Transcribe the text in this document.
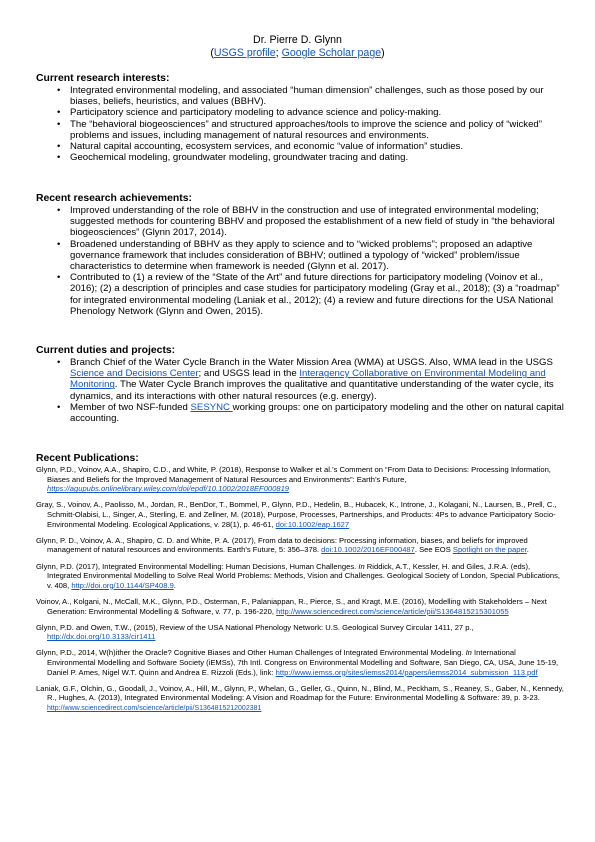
Dr. Pierre D. Glynn
(USGS profile; Google Scholar page)

Current research interests:

• Integrated environmental modeling, and associated “human dimension” challenges, such as those posed by our biases, beliefs, heuristics, and values (BBHV).
• Participatory science and participatory modeling to advance science and policy-making.
• The “behavioral biogeosciences” and structured approaches/tools to improve the science and policy of “wicked” problems and issues, including management of natural resources and environments.
• Natural capital accounting, ecosystem services, and economic “value of information” studies.
• Geochemical modeling, groundwater modeling, groundwater tracing and dating.

Recent research achievements:

• Improved understanding of the role of BBHV in the construction and use of integrated environmental modeling; suggested methods for countering BBHV and proposed the establishment of a new field of study in “the behavioral biogeosciences” (Glynn 2017, 2014).
• Broadened understanding of BBHV as they apply to science and to “wicked problems”; proposed an adaptive governance framework that includes consideration of BBHV; outlined a typology of “wicked” problem/issue characteristics to determine when framework is needed (Glynn et al. 2017).
• Contributed to (1) a review of the “State of the Art” and future directions for participatory modeling (Voinov et al., 2016); (2) a description of principles and case studies for participatory modeling (Gray et al., 2018); (3) a “roadmap” for integrated environmental modeling (Laniak et al., 2012); (4) a review and future directions for the USA National Phenology Network (Glynn and Owen, 2015).

Current duties and projects:

• Branch Chief of the Water Cycle Branch in the Water Mission Area (WMA) at USGS. Also, WMA lead in the USGS Science and Decisions Center; and USGS lead in the Interagency Collaborative on Environmental Modeling and Monitoring. The Water Cycle Branch improves the qualitative and quantitative understanding of the water cycle, its dynamics, and its interactions with other natural resources (e.g. energy).
• Member of two NSF-funded SESYNC working groups: one on participatory modeling and the other on natural capital accounting.

Recent Publications:

Glynn, P.D., Voinov, A.A., Shapiro, C.D., and White, P. (2018), Response to Walker et al.’s Comment on “From Data to Decisions: Processing Information, Biases and Beliefs for the Improved Management of Natural Resources and Environments”: Earth’s Future, https://agupubs.onlinelibrary.wiley.com/doi/epdf/10.1002/2018EF000819

Gray, S., Voinov, A., Paolisso, M., Jordan, R., BenDor, T., Bommel, P., Glynn, P.D., Hedelin, B., Hubacek, K., Introne, J., Kolagani, N., Laursen, B., Prell, C., Schmitt-Olabisi, L., Singer, A., Sterling, E. and Zellner, M. (2018), Purpose, Processes, Partnerships, and Products: 4Ps to advance Participatory Socio-Environmental Modeling. Ecological Applications, v. 28(1), p. 46-61, doi:10.1002/eap.1627

Glynn, P. D., Voinov, A. A., Shapiro, C. D. and White, P. A. (2017), From data to decisions: Processing information, biases, and beliefs for improved management of natural resources and environments. Earth's Future, 5: 356–378. doi:10.1002/2016EF000487. See EOS Spotlight on the paper.

Glynn, P.D. (2017), Integrated Environmental Modelling: Human Decisions, Human Challenges. In Riddick, A.T., Kessler, H. and Giles, J.R.A. (eds), Integrated Environmental Modelling to Solve Real World Problems: Methods, Vision and Challenges. Geological Society of London, Special Publications, v. 408, http://doi.org/10.1144/SP408.9.

Voinov, A., Kolgani, N., McCall, M.K., Glynn, P.D., Osterman, F., Palaniappan, R., Pierce, S., and Kragt, M.E. (2016), Modelling with Stakeholders – Next Generation: Environmental Modelling & Software, v. 77, p. 196-220, http://www.sciencedirect.com/science/article/pii/S1364815215301055

Glynn, P.D. and Owen, T.W., (2015), Review of the USA National Phenology Network: U.S. Geological Survey Circular 1411, 27 p., http://dx.doi.org/10.3133/cir1411

Glynn, P.D., 2014, W(h)ither the Oracle? Cognitive Biases and Other Human Challenges of Integrated Environmental Modeling. In International Environmental Modelling and Software Society (iEMSs), 7th Intl. Congress on Environmental Modelling and Software, San Diego, CA, USA, June 15-19, Daniel P. Ames, Nigel W.T. Quinn and Andrea E. Rizzoli (Eds.), link: http://www.iemss.org/sites/iemss2014/papers/iemss2014_submission_113.pdf

Laniak, G.F., Olchin, G., Goodall, J., Voinov, A., Hill, M., Glynn, P., Whelan, G., Geller, G., Quinn, N., Blind, M., Peckham, S., Reaney, S., Gaber, N., Kennedy, R., Hughes, A. (2013), Integrated Environmental Modeling: A Vision and Roadmap for the Future: Environmental Modelling & Software: 39, p. 3-23. http://www.sciencedirect.com/science/article/pii/S1364815212002381
